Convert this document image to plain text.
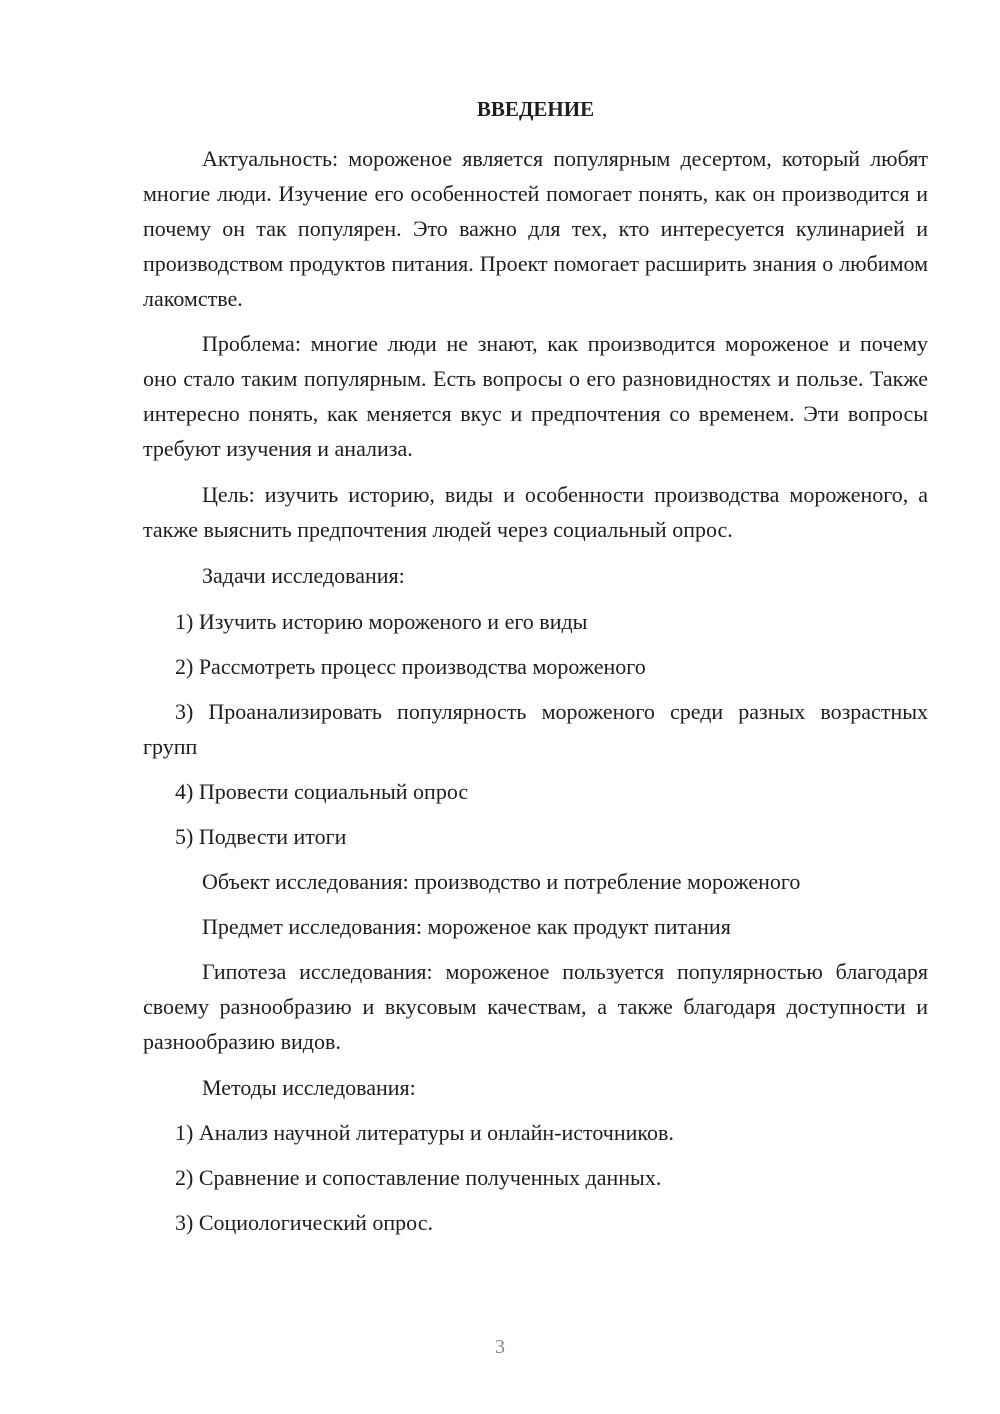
ВВЕДЕНИЕ

Актуальность: мороженое является популярным десертом, который любят многие люди. Изучение его особенностей помогает понять, как он производится и почему он так популярен. Это важно для тех, кто интересуется кулинарией и производством продуктов питания. Проект помогает расширить знания о любимом лакомстве.

Проблема: многие люди не знают, как производится мороженое и почему оно стало таким популярным. Есть вопросы о его разновидностях и пользе. Также интересно понять, как меняется вкус и предпочтения со временем. Эти вопросы требуют изучения и анализа.

Цель: изучить историю, виды и особенности производства мороженого, а также выяснить предпочтения людей через социальный опрос.

Задачи исследования:

1) Изучить историю мороженого и его виды

2) Рассмотреть процесс производства мороженого

3) Проанализировать популярность мороженого среди разных возрастных групп

4) Провести социальный опрос

5) Подвести итоги

Объект исследования: производство и потребление мороженого

Предмет исследования: мороженое как продукт питания

Гипотеза исследования: мороженое пользуется популярностью благодаря своему разнообразию и вкусовым качествам, а также благодаря доступности и разнообразию видов.

Методы исследования:

1) Анализ научной литературы и онлайн-источников.

2) Сравнение и сопоставление полученных данных.

3) Социологический опрос.

3
